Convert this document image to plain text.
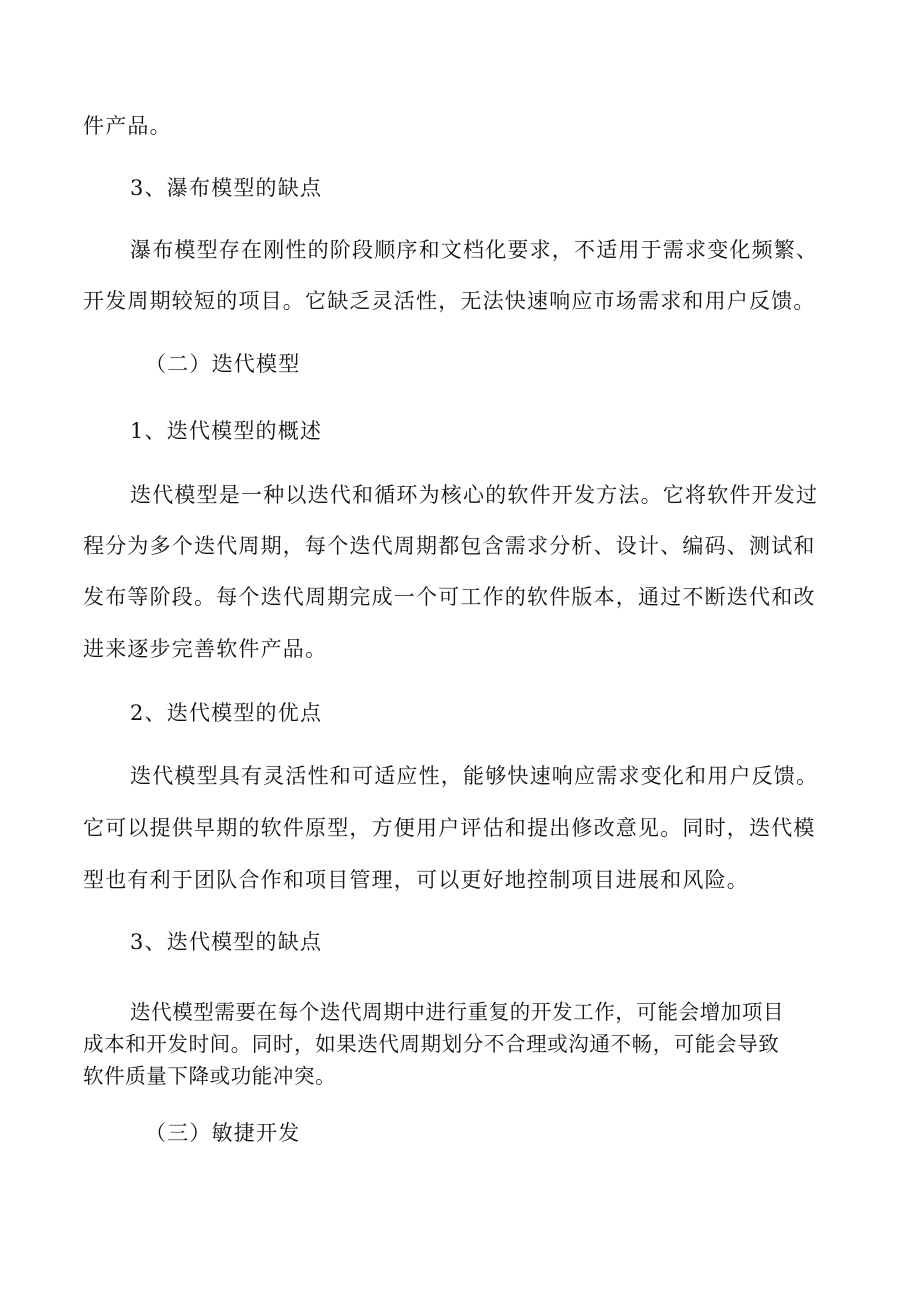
件产品。

3、瀑布模型的缺点

瀑布模型存在刚性的阶段顺序和文档化要求，不适用于需求变化频繁、

开发周期较短的项目。它缺乏灵活性，无法快速响应市场需求和用户反馈。

（二）迭代模型

1、迭代模型的概述

迭代模型是一种以迭代和循环为核心的软件开发方法。它将软件开发过

程分为多个迭代周期，每个迭代周期都包含需求分析、设计、编码、测试和

发布等阶段。每个迭代周期完成一个可工作的软件版本，通过不断迭代和改

进来逐步完善软件产品。

2、迭代模型的优点

迭代模型具有灵活性和可适应性，能够快速响应需求变化和用户反馈。

它可以提供早期的软件原型，方便用户评估和提出修改意见。同时，迭代模

型也有利于团队合作和项目管理，可以更好地控制项目进展和风险。

3、迭代模型的缺点

迭代模型需要在每个迭代周期中进行重复的开发工作，可能会增加项目

成本和开发时间。同时，如果迭代周期划分不合理或沟通不畅，可能会导致

软件质量下降或功能冲突。

（三）敏捷开发
